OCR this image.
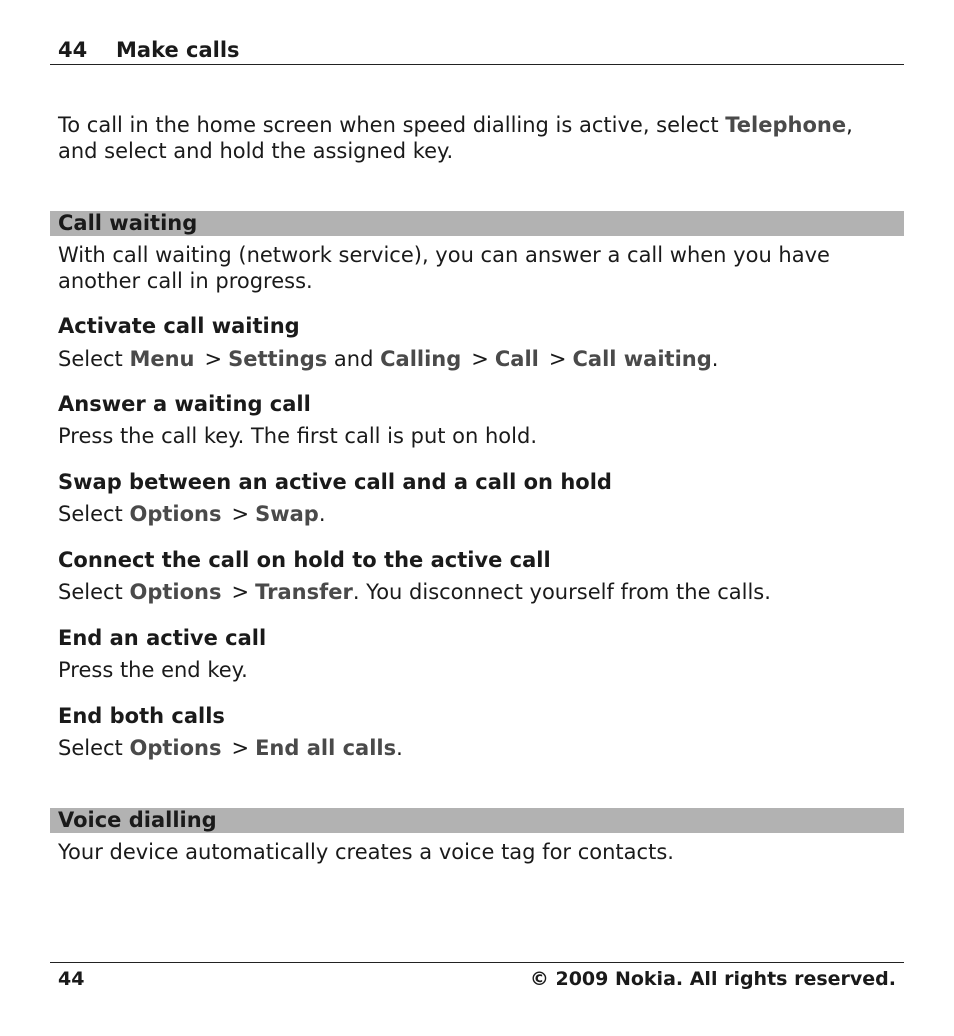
44 Make calls
To call in the home screen when speed dialling is active, select Telephone, and select and hold the assigned key.
Call waiting
With call waiting (network service), you can answer a call when you have another call in progress.
Activate call waiting
Select Menu > Settings and Calling > Call > Call waiting.
Answer a waiting call
Press the call key. The first call is put on hold.
Swap between an active call and a call on hold
Select Options > Swap.
Connect the call on hold to the active call
Select Options > Transfer. You disconnect yourself from the calls.
End an active call
Press the end key.
End both calls
Select Options > End all calls.
Voice dialling
Your device automatically creates a voice tag for contacts.
44	© 2009 Nokia. All rights reserved.
